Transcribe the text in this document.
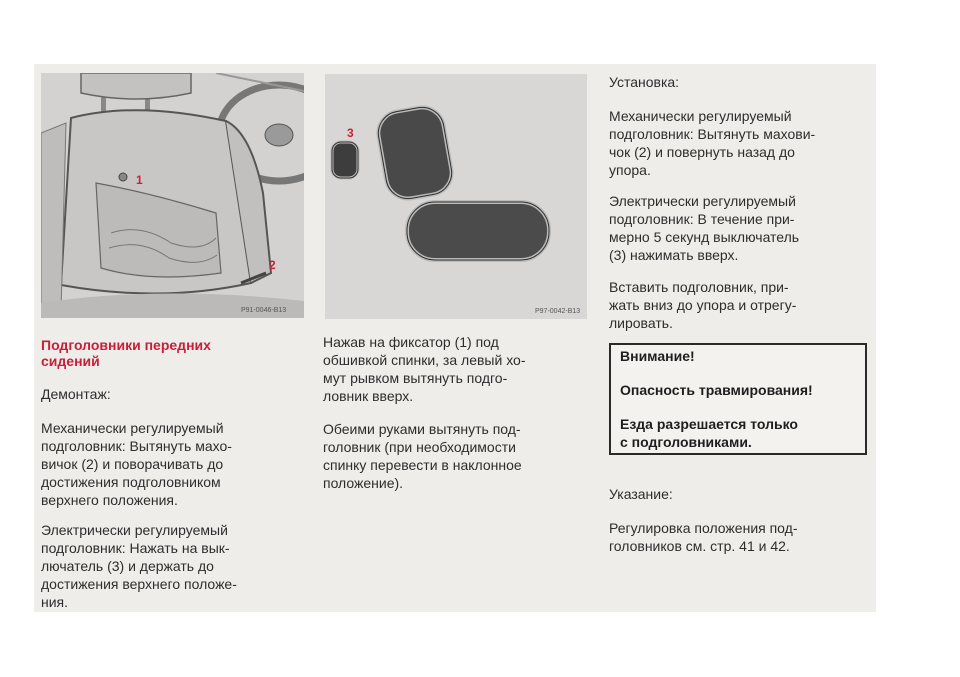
1
2
P91-0046-B13
3
P97-0042-B13

Подголовники передних
сидений

Демонтаж:

Механически регулируемый
подголовник: Вытянуть махо-
вичок (2) и поворачивать до
достижения подголовником
верхнего положения.

Электрически регулируемый
подголовник: Нажать на вык-
лючатель (3) и держать до
достижения верхнего положе-
ния.

Нажав на фиксатор (1) под
обшивкой спинки, за левый хо-
мут рывком вытянуть подго-
ловник вверх.

Обеими руками вытянуть под-
головник (при необходимости
спинку перевести в наклонное
положение).

Установка:

Механически регулируемый
подголовник: Вытянуть махови-
чок (2) и повернуть назад до
упора.

Электрически регулируемый
подголовник: В течение при-
мерно 5 секунд выключатель
(3) нажимать вверх.

Вставить подголовник, при-
жать вниз до упора и отрегу-
лировать.

Внимание!

Опасность травмирования!

Езда разрешается только
с подголовниками.

Указание:

Регулировка положения под-
головников см. стр. 41 и 42.
